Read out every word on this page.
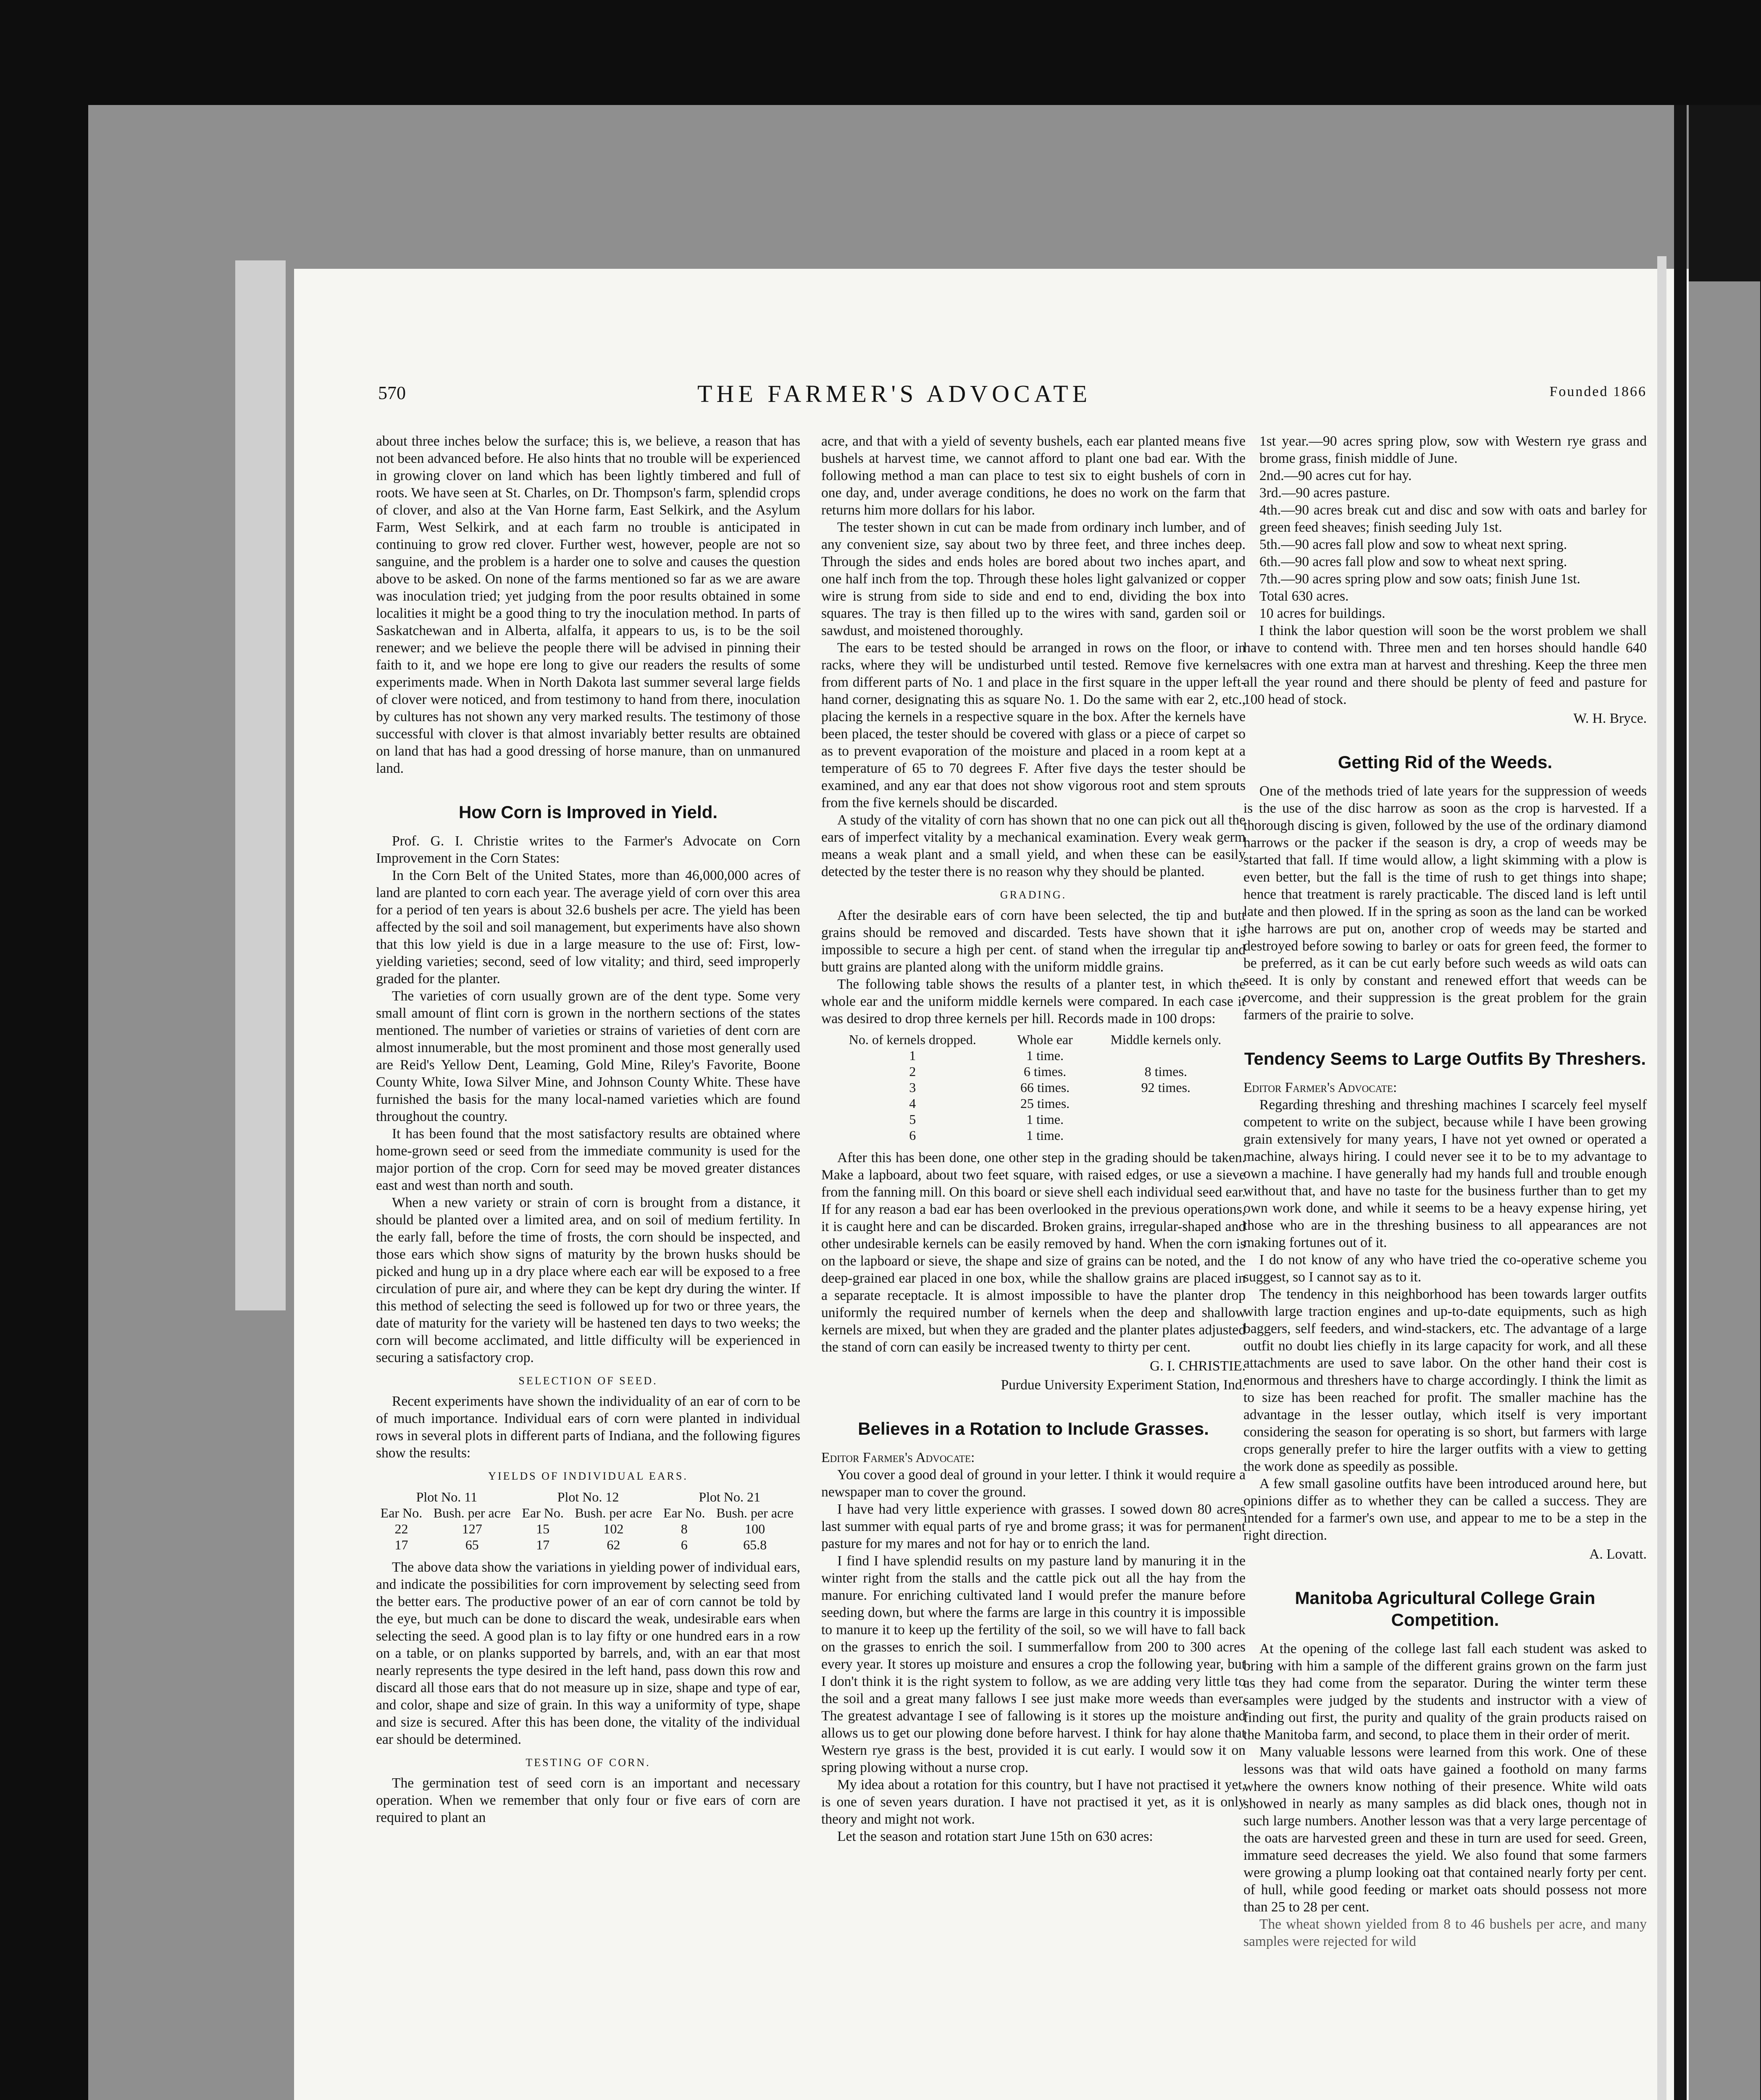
570	THE FARMER'S ADVOCATE	Founded 1866

about three inches below the surface; this is, we believe, a reason that has not been advanced before. He also hints that no trouble will be experienced in growing clover on land which has been lightly timbered and full of roots. We have seen at St. Charles, on Dr. Thompson's farm, splendid crops of clover, and also at the Van Horne farm, East Selkirk, and the Asylum Farm, West Selkirk, and at each farm no trouble is anticipated in continuing to grow red clover. Further west, however, people are not so sanguine, and the problem is a harder one to solve and causes the question above to be asked. On none of the farms mentioned so far as we are aware was inoculation tried; yet judging from the poor results obtained in some localities it might be a good thing to try the inoculation method. In parts of Saskatchewan and in Alberta, alfalfa, it appears to us, is to be the soil renewer; and we believe the people there will be advised in pinning their faith to it, and we hope ere long to give our readers the results of some experiments made. When in North Dakota last summer several large fields of clover were noticed, and from testimony to hand from there, inoculation by cultures has not shown any very marked results. The testimony of those successful with clover is that almost invariably better results are obtained on land that has had a good dressing of horse manure, than on unmanured land.

How Corn is Improved in Yield.

Prof. G. I. Christie writes to the Farmer's Advocate on Corn Improvement in the Corn States:

In the Corn Belt of the United States, more than 46,000,000 acres of land are planted to corn each year. The average yield of corn over this area for a period of ten years is about 32.6 bushels per acre. The yield has been affected by the soil and soil management, but experiments have also shown that this low yield is due in a large measure to the use of: First, low-yielding varieties; second, seed of low vitality; and third, seed improperly graded for the planter.

The varieties of corn usually grown are of the dent type. Some very small amount of flint corn is grown in the northern sections of the states mentioned. The number of varieties or strains of varieties of dent corn are almost innumerable, but the most prominent and those most generally used are Reid's Yellow Dent, Leaming, Gold Mine, Riley's Favorite, Boone County White, Iowa Silver Mine, and Johnson County White. These have furnished the basis for the many local-named varieties which are found throughout the country.

It has been found that the most satisfactory results are obtained where home-grown seed or seed from the immediate community is used for the major portion of the crop. Corn for seed may be moved greater distances east and west than north and south.

When a new variety or strain of corn is brought from a distance, it should be planted over a limited area, and on soil of medium fertility. In the early fall, before the time of frosts, the corn should be inspected, and those ears which show signs of maturity by the brown husks should be picked and hung up in a dry place where each ear will be exposed to a free circulation of pure air, and where they can be kept dry during the winter. If this method of selecting the seed is followed up for two or three years, the date of maturity for the variety will be hastened ten days to two weeks; the corn will become acclimated, and little difficulty will be experienced in securing a satisfactory crop.

SELECTION OF SEED.

Recent experiments have shown the individuality of an ear of corn to be of much importance. Individual ears of corn were planted in individual rows in several plots in different parts of Indiana, and the following figures show the results:

YIELDS OF INDIVIDUAL EARS.
Plot No. 11		Plot No. 12		Plot No. 21	
Ear No.	Bush. per acre	Ear No.	Bush. per acre	Ear No.	Bush. per acre
22	127	15	102	8	100
17	65	17	62	6	65.8

The above data show the variations in yielding power of individual ears, and indicate the possibilities for corn improvement by selecting seed from the better ears. The productive power of an ear of corn cannot be told by the eye, but much can be done to discard the weak, undesirable ears when selecting the seed. A good plan is to lay fifty or one hundred ears in a row on a table, or on planks supported by barrels, and, with an ear that most nearly represents the type desired in the left hand, pass down this row and discard all those ears that do not measure up in size, shape and type of ear, and color, shape and size of grain. In this way a uniformity of type, shape and size is secured. After this has been done, the vitality of the individual ear should be determined.

TESTING OF CORN.

The germination test of seed corn is an important and necessary operation. When we remember that only four or five ears of corn are required to plant an

acre, and that with a yield of seventy bushels, each ear planted means five bushels at harvest time, we cannot afford to plant one bad ear. With the following method a man can place to test six to eight bushels of corn in one day, and, under average conditions, he does no work on the farm that returns him more dollars for his labor.

The tester shown in cut can be made from ordinary inch lumber, and of any convenient size, say about two by three feet, and three inches deep. Through the sides and ends holes are bored about two inches apart, and one half inch from the top. Through these holes light galvanized or copper wire is strung from side to side and end to end, dividing the box into squares. The tray is then filled up to the wires with sand, garden soil or sawdust, and moistened thoroughly.

The ears to be tested should be arranged in rows on the floor, or in racks, where they will be undisturbed until tested. Remove five kernels from different parts of No. 1 and place in the first square in the upper left-hand corner, designating this as square No. 1. Do the same with ear 2, etc., placing the kernels in a respective square in the box. After the kernels have been placed, the tester should be covered with glass or a piece of carpet so as to prevent evaporation of the moisture and placed in a room kept at a temperature of 65 to 70 degrees F. After five days the tester should be examined, and any ear that does not show vigorous root and stem sprouts from the five kernels should be discarded.

A study of the vitality of corn has shown that no one can pick out all the ears of imperfect vitality by a mechanical examination. Every weak germ means a weak plant and a small yield, and when these can be easily detected by the tester there is no reason why they should be planted.

GRADING.

After the desirable ears of corn have been selected, the tip and butt grains should be removed and discarded. Tests have shown that it is impossible to secure a high per cent. of stand when the irregular tip and butt grains are planted along with the uniform middle grains.

The following table shows the results of a planter test, in which the whole ear and the uniform middle kernels were compared. In each case it was desired to drop three kernels per hill. Records made in 100 drops:

No. of kernels dropped.	Whole ear	Middle kernels only.
1	1 time.	
2	6 times.	8 times.
3	66 times.	92 times.
4	25 times.	
5	1 time.	
6	1 time.	

After this has been done, one other step in the grading should be taken. Make a lapboard, about two feet square, with raised edges, or use a sieve from the fanning mill. On this board or sieve shell each individual seed ear. If for any reason a bad ear has been overlooked in the previous operations, it is caught here and can be discarded. Broken grains, irregular-shaped and other undesirable kernels can be easily removed by hand. When the corn is on the lapboard or sieve, the shape and size of grains can be noted, and the deep-grained ear placed in one box, while the shallow grains are placed in a separate receptacle. It is almost impossible to have the planter drop uniformly the required number of kernels when the deep and shallow kernels are mixed, but when they are graded and the planter plates adjusted the stand of corn can easily be increased twenty to thirty per cent.

G. I. CHRISTIE.

Purdue University Experiment Station, Ind.

Believes in a Rotation to Include Grasses.

Editor Farmer's Advocate:

You cover a good deal of ground in your letter. I think it would require a newspaper man to cover the ground.

I have had very little experience with grasses. I sowed down 80 acres last summer with equal parts of rye and brome grass; it was for permanent pasture for my mares and not for hay or to enrich the land.

I find I have splendid results on my pasture land by manuring it in the winter right from the stalls and the cattle pick out all the hay from the manure. For enriching cultivated land I would prefer the manure before seeding down, but where the farms are large in this country it is impossible to manure it to keep up the fertility of the soil, so we will have to fall back on the grasses to enrich the soil. I summerfallow from 200 to 300 acres every year. It stores up moisture and ensures a crop the following year, but I don't think it is the right system to follow, as we are adding very little to the soil and a great many fallows I see just make more weeds than ever. The greatest advantage I see of fallowing is it stores up the moisture and allows us to get our plowing done before harvest. I think for hay alone that Western rye grass is the best, provided it is cut early. I would sow it on spring plowing without a nurse crop.

My idea about a rotation for this country, but I have not practised it yet, is one of seven years duration. I have not practised it yet, as it is only theory and might not work.

Let the season and rotation start June 15th on 630 acres:

1st year.—90 acres spring plow, sow with Western rye grass and brome grass, finish middle of June.
2nd.—90 acres cut for hay.
3rd.—90 acres pasture.
4th.—90 acres break cut and disc and sow with oats and barley for green feed sheaves; finish seeding July 1st.
5th.—90 acres fall plow and sow to wheat next spring.
6th.—90 acres fall plow and sow to wheat next spring.
7th.—90 acres spring plow and sow oats; finish June 1st.
Total 630 acres.
10 acres for buildings.

I think the labor question will soon be the worst problem we shall have to contend with. Three men and ten horses should handle 640 acres with one extra man at harvest and threshing. Keep the three men all the year round and there should be plenty of feed and pasture for 100 head of stock.

W. H. Bryce.

Getting Rid of the Weeds.

One of the methods tried of late years for the suppression of weeds is the use of the disc harrow as soon as the crop is harvested. If a thorough discing is given, followed by the use of the ordinary diamond harrows or the packer if the season is dry, a crop of weeds may be started that fall. If time would allow, a light skimming with a plow is even better, but the fall is the time of rush to get things into shape; hence that treatment is rarely practicable. The disced land is left until late and then plowed. If in the spring as soon as the land can be worked the harrows are put on, another crop of weeds may be started and destroyed before sowing to barley or oats for green feed, the former to be preferred, as it can be cut early before such weeds as wild oats can seed. It is only by constant and renewed effort that weeds can be overcome, and their suppression is the great problem for the grain farmers of the prairie to solve.

Tendency Seems to Large Outfits By Threshers.

Editor Farmer's Advocate:

Regarding threshing and threshing machines I scarcely feel myself competent to write on the subject, because while I have been growing grain extensively for many years, I have not yet owned or operated a machine, always hiring. I could never see it to be to my advantage to own a machine. I have generally had my hands full and trouble enough without that, and have no taste for the business further than to get my own work done, and while it seems to be a heavy expense hiring, yet those who are in the threshing business to all appearances are not making fortunes out of it.

I do not know of any who have tried the co-operative scheme you suggest, so I cannot say as to it.

The tendency in this neighborhood has been towards larger outfits with large traction engines and up-to-date equipments, such as high baggers, self feeders, and wind-stackers, etc. The advantage of a large outfit no doubt lies chiefly in its large capacity for work, and all these attachments are used to save labor. On the other hand their cost is enormous and threshers have to charge accordingly. I think the limit as to size has been reached for profit. The smaller machine has the advantage in the lesser outlay, which itself is very important considering the season for operating is so short, but farmers with large crops generally prefer to hire the larger outfits with a view to getting the work done as speedily as possible.

A few small gasoline outfits have been introduced around here, but opinions differ as to whether they can be called a success. They are intended for a farmer's own use, and appear to me to be a step in the right direction.

A. Lovatt.

Manitoba Agricultural College Grain Competition.

At the opening of the college last fall each student was asked to bring with him a sample of the different grains grown on the farm just as they had come from the separator. During the winter term these samples were judged by the students and instructor with a view of finding out first, the purity and quality of the grain products raised on the Manitoba farm, and second, to place them in their order of merit.

Many valuable lessons were learned from this work. One of these lessons was that wild oats have gained a foothold on many farms where the owners know nothing of their presence. White wild oats showed in nearly as many samples as did black ones, though not in such large numbers. Another lesson was that a very large percentage of the oats are harvested green and these in turn are used for seed. Green, immature seed decreases the yield. We also found that some farmers were growing a plump looking oat that contained nearly forty per cent. of hull, while good feeding or market oats should possess not more than 25 to 28 per cent.

The wheat shown yielded from 8 to 46 bushels per acre, and many samples were rejected for wild
